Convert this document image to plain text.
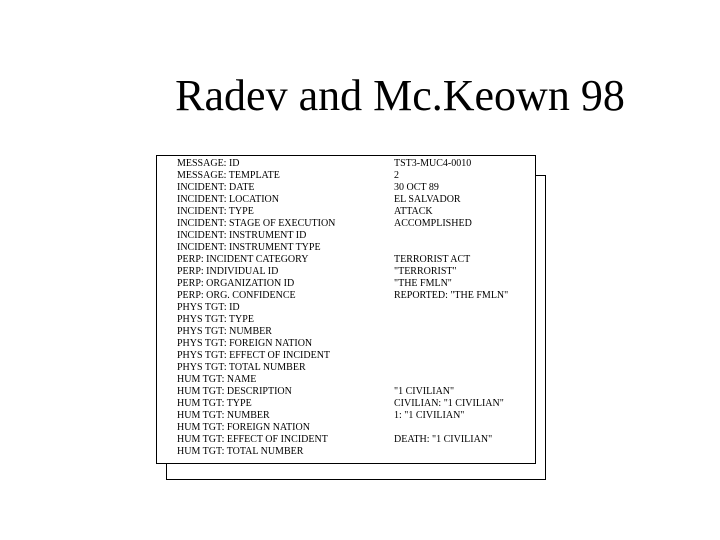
Radev and Mc.Keown 98
MESSAGE: ID	TST3-MUC4-0010
MESSAGE: TEMPLATE	2
INCIDENT: DATE	30 OCT 89
INCIDENT: LOCATION	EL SALVADOR
INCIDENT: TYPE	ATTACK
INCIDENT: STAGE OF EXECUTION	ACCOMPLISHED
INCIDENT: INSTRUMENT ID
INCIDENT: INSTRUMENT TYPE
PERP: INCIDENT CATEGORY	TERRORIST ACT
PERP: INDIVIDUAL ID	"TERRORIST"
PERP: ORGANIZATION ID	"THE FMLN"
PERP: ORG. CONFIDENCE	REPORTED: "THE FMLN"
PHYS TGT: ID
PHYS TGT: TYPE
PHYS TGT: NUMBER
PHYS TGT: FOREIGN NATION
PHYS TGT: EFFECT OF INCIDENT
PHYS TGT: TOTAL NUMBER
HUM TGT: NAME
HUM TGT: DESCRIPTION	"1 CIVILIAN"
HUM TGT: TYPE	CIVILIAN: "1 CIVILIAN"
HUM TGT: NUMBER	1: "1 CIVILIAN"
HUM TGT: FOREIGN NATION
HUM TGT: EFFECT OF INCIDENT	DEATH: "1 CIVILIAN"
HUM TGT: TOTAL NUMBER
